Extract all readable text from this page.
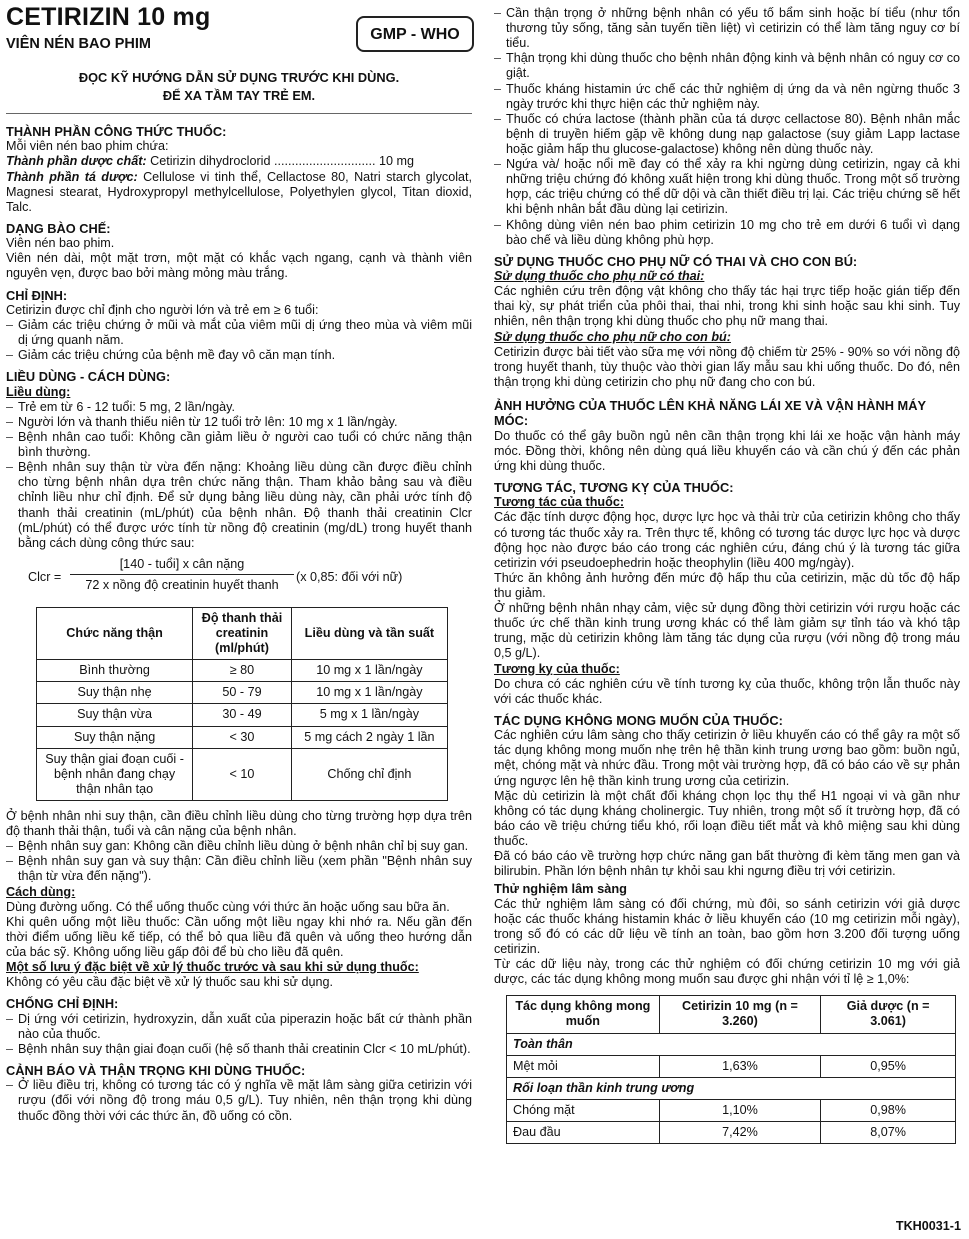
CETIRIZIN 10 mg
VIÊN NÉN BAO PHIM
GMP - WHO
ĐỌC KỸ HƯỚNG DẪN SỬ DỤNG TRƯỚC KHI DÙNG.
ĐỂ XA TẦM TAY TRẺ EM.
THÀNH PHẦN CÔNG THỨC THUỐC:

Mỗi viên nén bao phim chứa:

Thành phần dược chất: Cetirizin dihydroclorid ............................. 10 mg

Thành phần tá dược: Cellulose vi tinh thể, Cellactose 80, Natri starch glycolat, Magnesi stearat, Hydroxypropyl methylcellulose, Polyethylen glycol, Titan dioxid, Talc.

DẠNG BÀO CHẾ:

Viên nén bao phim.

Viên nén dài, một mặt trơn, một mặt có khắc vạch ngang, cạnh và thành viên nguyên vẹn, được bao bởi màng mỏng màu trắng.

CHỈ ĐỊNH:

Cetirizin được chỉ định cho người lớn và trẻ em ≥ 6 tuổi:

– Giảm các triệu chứng ở mũi và mắt của viêm mũi dị ứng theo mùa và viêm mũi dị ứng quanh năm.
– Giảm các triệu chứng của bệnh mề đay vô căn mạn tính.
LIỀU DÙNG - CÁCH DÙNG:
Liều dùng:
– Trẻ em từ 6 - 12 tuổi: 5 mg, 2 lần/ngày.
– Người lớn và thanh thiếu niên từ 12 tuổi trở lên: 10 mg x 1 lần/ngày.
– Bệnh nhân cao tuổi: Không cần giảm liều ở người cao tuổi có chức năng thận bình thường.
– Bệnh nhân suy thận từ vừa đến nặng: Khoảng liều dùng cần được điều chỉnh cho từng bệnh nhân dựa trên chức năng thận. Tham khảo bảng sau và điều chỉnh liều như chỉ định. Để sử dụng bảng liều dùng này, cần phải ước tính độ thanh thải creatinin (mL/phút) của bệnh nhân. Độ thanh thải creatinin Clcr (mL/phút) có thể được ước tính từ nồng độ creatinin (mg/dL) trong huyết thanh bằng cách dùng công thức sau:
Clcr =
[140 - tuổi] x cân nặng
72 x nồng độ creatinin huyết thanh
(x 0,85: đối với nữ)
Chức năng thận	Độ thanh thải creatinin (ml/phút)	Liều dùng và tần suất
Bình thường	≥ 80	10 mg x 1 lần/ngày
Suy thận nhẹ	50 - 79	10 mg x 1 lần/ngày
Suy thận vừa	30 - 49	5 mg x 1 lần/ngày
Suy thận nặng	< 30	5 mg cách 2 ngày 1 lần
Suy thận giai đoạn cuối - bệnh nhân đang chạy thận nhân tạo	< 10	Chống chỉ định

Ở bệnh nhân nhi suy thận, cần điều chỉnh liều dùng cho từng trường hợp dựa trên độ thanh thải thận, tuổi và cân nặng của bệnh nhân.

– Bệnh nhân suy gan: Không cần điều chỉnh liều dùng ở bệnh nhân chỉ bị suy gan.
– Bệnh nhân suy gan và suy thận: Cần điều chỉnh liều (xem phần "Bệnh nhân suy thận từ vừa đến nặng").
Cách dùng:

Dùng đường uống. Có thể uống thuốc cùng với thức ăn hoặc uống sau bữa ăn.

Khi quên uống một liều thuốc: Cần uống một liều ngay khi nhớ ra. Nếu gần đến thời điểm uống liều kế tiếp, có thể bỏ qua liều đã quên và uống theo hướng dẫn của bác sỹ. Không uống liều gấp đôi để bù cho liều đã quên.

Một số lưu ý đặc biệt về xử lý thuốc trước và sau khi sử dụng thuốc:

Không có yêu cầu đặc biệt về xử lý thuốc sau khi sử dụng.

CHỐNG CHỈ ĐỊNH:
– Dị ứng với cetirizin, hydroxyzin, dẫn xuất của piperazin hoặc bất cứ thành phần nào của thuốc.
– Bệnh nhân suy thận giai đoạn cuối (hệ số thanh thải creatinin Clcr < 10 mL/phút).
CẢNH BÁO VÀ THẬN TRỌNG KHI DÙNG THUỐC:
– Ở liều điều trị, không có tương tác có ý nghĩa về mặt lâm sàng giữa cetirizin với rượu (đối với nồng độ trong máu 0,5 g/L). Tuy nhiên, nên thận trọng khi dùng thuốc đồng thời với các thức ăn, đồ uống có cồn.
– Cần thận trọng ở những bệnh nhân có yếu tố bẩm sinh hoặc bí tiểu (như tổn thương tủy sống, tăng sản tuyến tiền liệt) vì cetirizin có thể làm tăng nguy cơ bí tiểu.
– Thận trọng khi dùng thuốc cho bệnh nhân động kinh và bệnh nhân có nguy cơ co giật.
– Thuốc kháng histamin ức chế các thử nghiệm dị ứng da và nên ngừng thuốc 3 ngày trước khi thực hiện các thử nghiệm này.
– Thuốc có chứa lactose (thành phần của tá dược cellactose 80). Bệnh nhân mắc bệnh di truyền hiếm gặp về không dung nạp galactose (suy giảm Lapp lactase hoặc giảm hấp thu glucose-galactose) không nên dùng thuốc này.
– Ngứa và/ hoặc nổi mề đay có thể xảy ra khi ngừng dùng cetirizin, ngay cả khi những triệu chứng đó không xuất hiện trong khi dùng thuốc. Trong một số trường hợp, các triệu chứng có thể dữ dội và cần thiết điều trị lại. Các triệu chứng sẽ hết khi bệnh nhân bắt đầu dùng lại cetirizin.
– Không dùng viên nén bao phim cetirizin 10 mg cho trẻ em dưới 6 tuổi vì dạng bào chế và liều dùng không phù hợp.
SỬ DỤNG THUỐC CHO PHỤ NỮ CÓ THAI VÀ CHO CON BÚ:
Sử dụng thuốc cho phụ nữ có thai:

Các nghiên cứu trên động vật không cho thấy tác hại trực tiếp hoặc gián tiếp đến thai kỳ, sự phát triển của phôi thai, thai nhi, trong khi sinh hoặc sau khi sinh. Tuy nhiên, nên thận trọng khi dùng thuốc cho phụ nữ mang thai.

Sử dụng thuốc cho phụ nữ cho con bú:

Cetirizin được bài tiết vào sữa mẹ với nồng độ chiếm từ 25% - 90% so với nồng độ trong huyết thanh, tùy thuộc vào thời gian lấy mẫu sau khi uống thuốc. Do đó, nên thận trọng khi dùng cetirizin cho phụ nữ đang cho con bú.

ẢNH HƯỞNG CỦA THUỐC LÊN KHẢ NĂNG LÁI XE VÀ VẬN HÀNH MÁY MÓC:

Do thuốc có thể gây buồn ngủ nên cần thận trọng khi lái xe hoặc vận hành máy móc. Đồng thời, không nên dùng quá liều khuyến cáo và cần chú ý đến các phản ứng khi dùng thuốc.

TƯƠNG TÁC, TƯƠNG KỴ CỦA THUỐC:
Tương tác của thuốc:

Các đặc tính dược động học, dược lực học và thải trừ của cetirizin không cho thấy có tương tác thuốc xảy ra. Trên thực tế, không có tương tác dược lực học và dược động học nào được báo cáo trong các nghiên cứu, đáng chú ý là tương tác giữa cetirizin với pseudoephedrin hoặc theophylin (liều 400 mg/ngày).

Thức ăn không ảnh hưởng đến mức độ hấp thu của cetirizin, mặc dù tốc độ hấp thu giảm.

Ở những bệnh nhân nhạy cảm, việc sử dụng đồng thời cetirizin với rượu hoặc các thuốc ức chế thần kinh trung ương khác có thể làm giảm sự tỉnh táo và khó tập trung, mặc dù cetirizin không làm tăng tác dụng của rượu (với nồng độ trong máu 0,5 g/L).

Tương kỵ của thuốc:

Do chưa có các nghiên cứu về tính tương kỵ của thuốc, không trộn lẫn thuốc này với các thuốc khác.

TÁC DỤNG KHÔNG MONG MUỐN CỦA THUỐC:

Các nghiên cứu lâm sàng cho thấy cetirizin ở liều khuyến cáo có thể gây ra một số tác dụng không mong muốn nhẹ trên hệ thần kinh trung ương bao gồm: buồn ngủ, mệt, chóng mặt và nhức đầu. Trong một vài trường hợp, đã có báo cáo về sự phản ứng ngược lên hệ thần kinh trung ương của cetirizin.

Mặc dù cetirizin là một chất đối kháng chọn lọc thụ thể H1 ngoại vi và gần như không có tác dụng kháng cholinergic. Tuy nhiên, trong một số ít trường hợp, đã có báo cáo về triệu chứng tiểu khó, rối loạn điều tiết mắt và khô miệng sau khi dùng thuốc.

Đã có báo cáo về trường hợp chức năng gan bất thường đi kèm tăng men gan và bilirubin. Phần lớn bệnh nhân tự khỏi sau khi ngưng điều trị với cetirizin.

Thử nghiệm lâm sàng

Các thử nghiệm lâm sàng có đối chứng, mù đôi, so sánh cetirizin với giả dược hoặc các thuốc kháng histamin khác ở liều khuyến cáo (10 mg cetirizin mỗi ngày), trong số đó có các dữ liệu về tính an toàn, bao gồm hơn 3.200 đối tượng uống cetirizin.

Từ các dữ liệu này, trong các thử nghiệm có đối chứng cetirizin 10 mg với giả dược, các tác dụng không mong muốn sau được ghi nhận với tỉ lệ ≥ 1,0%:

Tác dụng không mong muốn	Cetirizin 10 mg (n = 3.260)	Giả dược (n = 3.061)
Toàn thân		
Mệt mỏi	1,63%	0,95%
Rối loạn thần kinh trung ương		
Chóng mặt	1,10%	0,98%
Đau đầu	7,42%	8,07%
TKH0031-1
